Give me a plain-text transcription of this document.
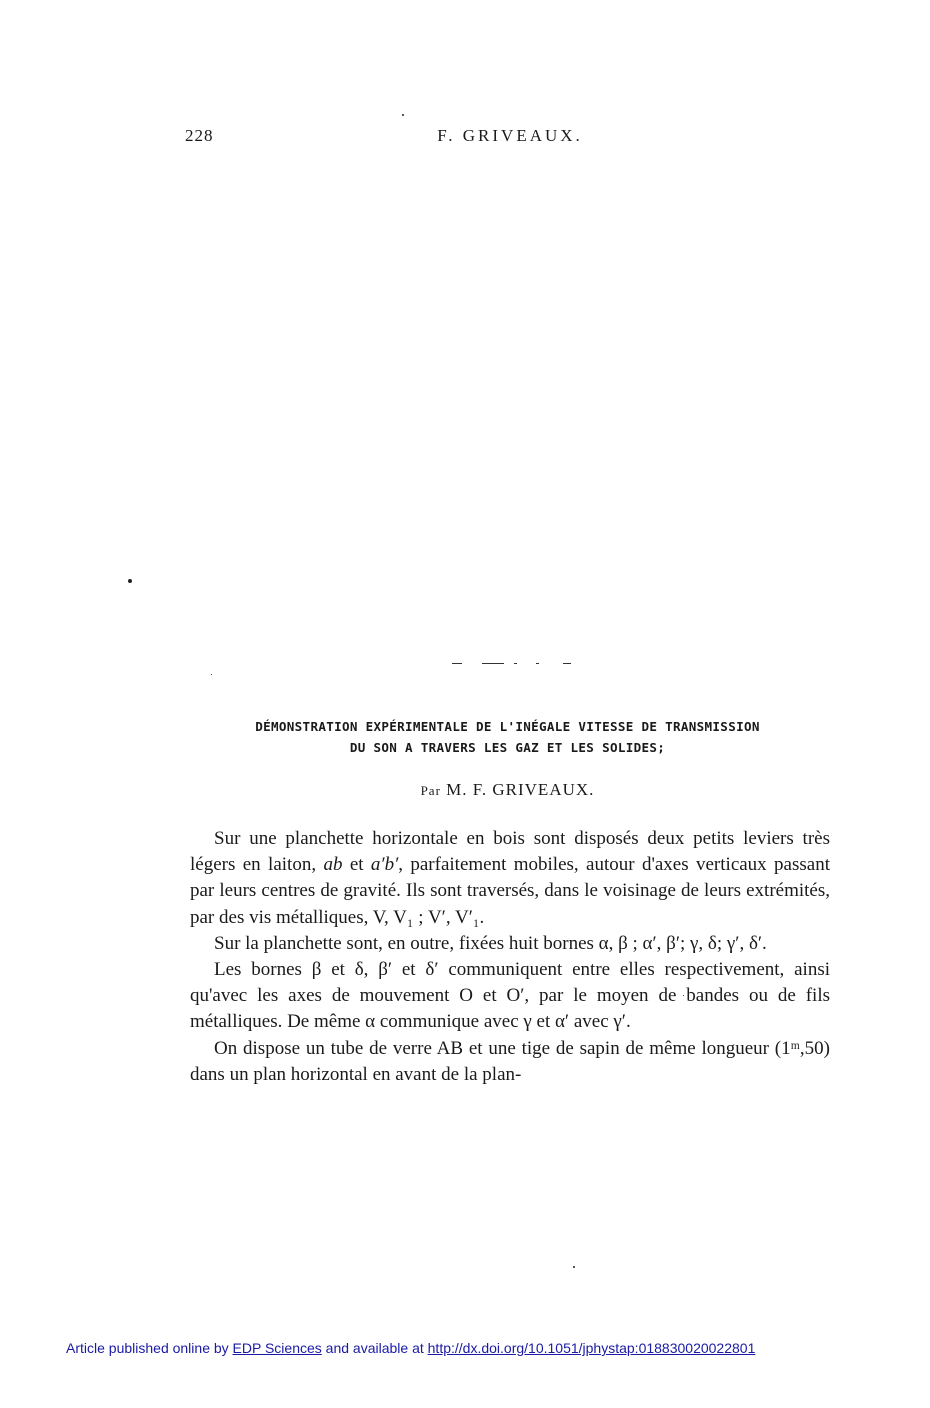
228	F. GRIVEAUX.
DÉMONSTRATION EXPÉRIMENTALE DE L'INÉGALE VITESSE DE TRANSMISSION
DU SON A TRAVERS LES GAZ ET LES SOLIDES;
Par M. F. GRIVEAUX.

Sur une planchette horizontale en bois sont disposés deux petits leviers très légers en laiton, ab et a′b′, parfaitement mobiles, autour d'axes verticaux passant par leurs centres de gravité. Ils sont traversés, dans le voisinage de leurs extrémités, par des vis métalliques, V, V₁ ; V′, V′₁.

Sur la planchette sont, en outre, fixées huit bornes α, β ; α′, β′; γ, δ; γ′, δ′.

Les bornes β et δ, β′ et δ′ communiquent entre elles respectivement, ainsi qu'avec les axes de mouvement O et O′, par le moyen de bandes ou de fils métalliques. De même α communique avec γ et α′ avec γ′.

On dispose un tube de verre AB et une tige de sapin de même longueur (1ᵐ,50) dans un plan horizontal en avant de la plan-

Article published online by EDP Sciences and available at http://dx.doi.org/10.1051/jphystap:018830020022801
